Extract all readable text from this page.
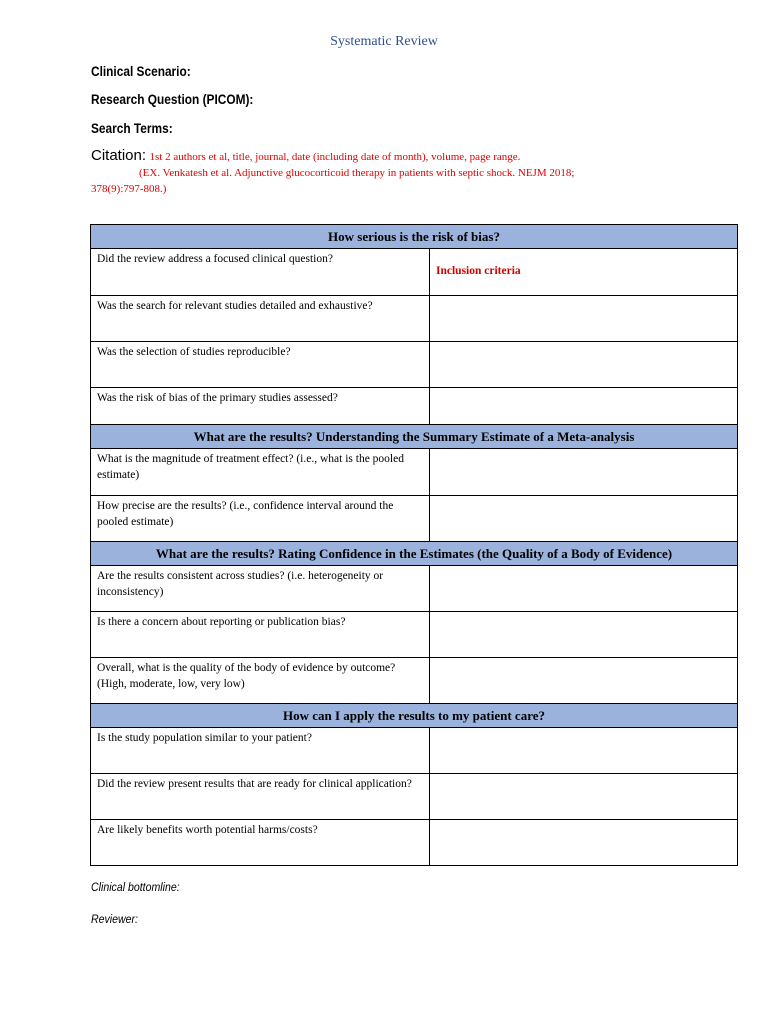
Systematic Review
Clinical Scenario:
Research Question (PICOM):
Search Terms:
Citation: 1st 2 authors et al, title, journal, date (including date of month), volume, page range.
(EX. Venkatesh et al. Adjunctive glucocorticoid therapy in patients with septic shock. NEJM 2018;
378(9):797-808.)
How serious is the risk of bias?	
Did the review address a focused clinical question?	Inclusion criteria

Was the search for relevant studies detailed and exhaustive?	
Was the selection of studies reproducible?	
Was the risk of bias of the primary studies assessed?	
What are the results? Understanding the Summary Estimate of a Meta-analysis	
What is the magnitude of treatment effect? (i.e., what is the pooled estimate)	
How precise are the results? (i.e., confidence interval around the pooled estimate)	
What are the results? Rating Confidence in the Estimates (the Quality of a Body of Evidence)	
Are the results consistent across studies? (i.e. heterogeneity or inconsistency)	
Is there a concern about reporting or publication bias?	
Overall, what is the quality of the body of evidence by outcome? (High, moderate, low, very low)	
How can I apply the results to my patient care?	
Is the study population similar to your patient?	
Did the review present results that are ready for clinical application?	
Are likely benefits worth potential harms/costs?	
Clinical bottomline:
Reviewer:
